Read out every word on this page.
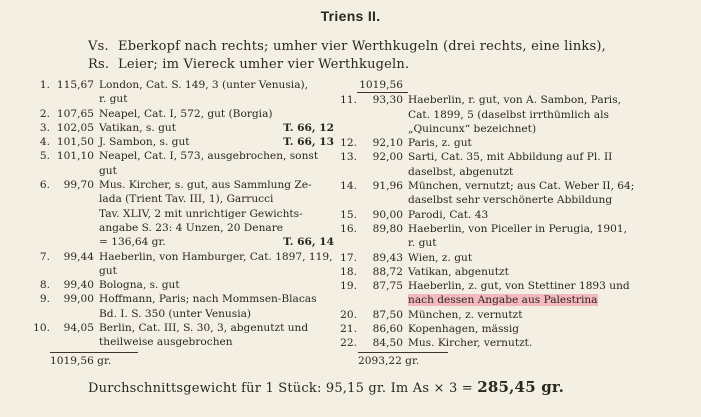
Triens II.
Vs. Eberkopf nach rechts; umher vier Werthkugeln (drei rechts, eine links),
Rs. Leier; im Viereck umher vier Werthkugeln.
1. 115,67 London, Cat. S. 149, 3 (unter Venusia),
r. gut
2. 107,65 Neapel, Cat. I, 572, gut (Borgia)
3. 102,05 Vatikan, s. gut	T. 66, 12
4. 101,50 J. Sambon, s. gut	T. 66, 13
5. 101,10 Neapel, Cat. I, 573, ausgebrochen, sonst
gut
6.	99,70 Mus. Kircher, s. gut, aus Sammlung Ze-
lada (Trient Tav. III, 1), Garrucci
Tav. XLIV, 2 mit unrichtiger Gewichts-
angabe S. 23: 4 Unzen, 20 Denare
= 136,64 gr.	T. 66, 14
7.	99,44 Haeberlin, von Hamburger, Cat. 1897, 119,
gut
8.	99,40 Bologna, s. gut
9.	99,00 Hoffmann, Paris; nach Mommsen-Blacas
Bd. I. S. 350 (unter Venusia)
10.	94,05 Berlin, Cat. III, S. 30, 3, abgenutzt und
theilweise ausgebrochen
1019,56 gr.
1019,56
11.	93,30 Haeberlin, r. gut, von A. Sambon, Paris,
Cat. 1899, 5 (daselbst irrthümlich als
„Quincunx“ bezeichnet)
12.	92,10 Paris, z. gut
13.	92,00 Sarti, Cat. 35, mit Abbildung auf Pl. II
daselbst, abgenutzt
14.	91,96 München, vernutzt; aus Cat. Weber II, 64;
daselbst sehr verschönerte Abbildung
15.	90,00 Parodi, Cat. 43
16.	89,80 Haeberlin, von Piceller in Perugia, 1901,
r. gut
17.	89,43 Wien, z. gut
18.	88,72 Vatikan, abgenutzt
19.	87,75 Haeberlin, z. gut, von Stettiner 1893 und
nach dessen Angabe aus Palestrina
20.	87,50 München, z. vernutzt
21.	86,60 Kopenhagen, mässig
22.	84,50 Mus. Kircher, vernutzt.
2093,22 gr.
Durchschnittsgewicht für 1 Stück: 95,15 gr. Im As × 3 = 285,45 gr.
